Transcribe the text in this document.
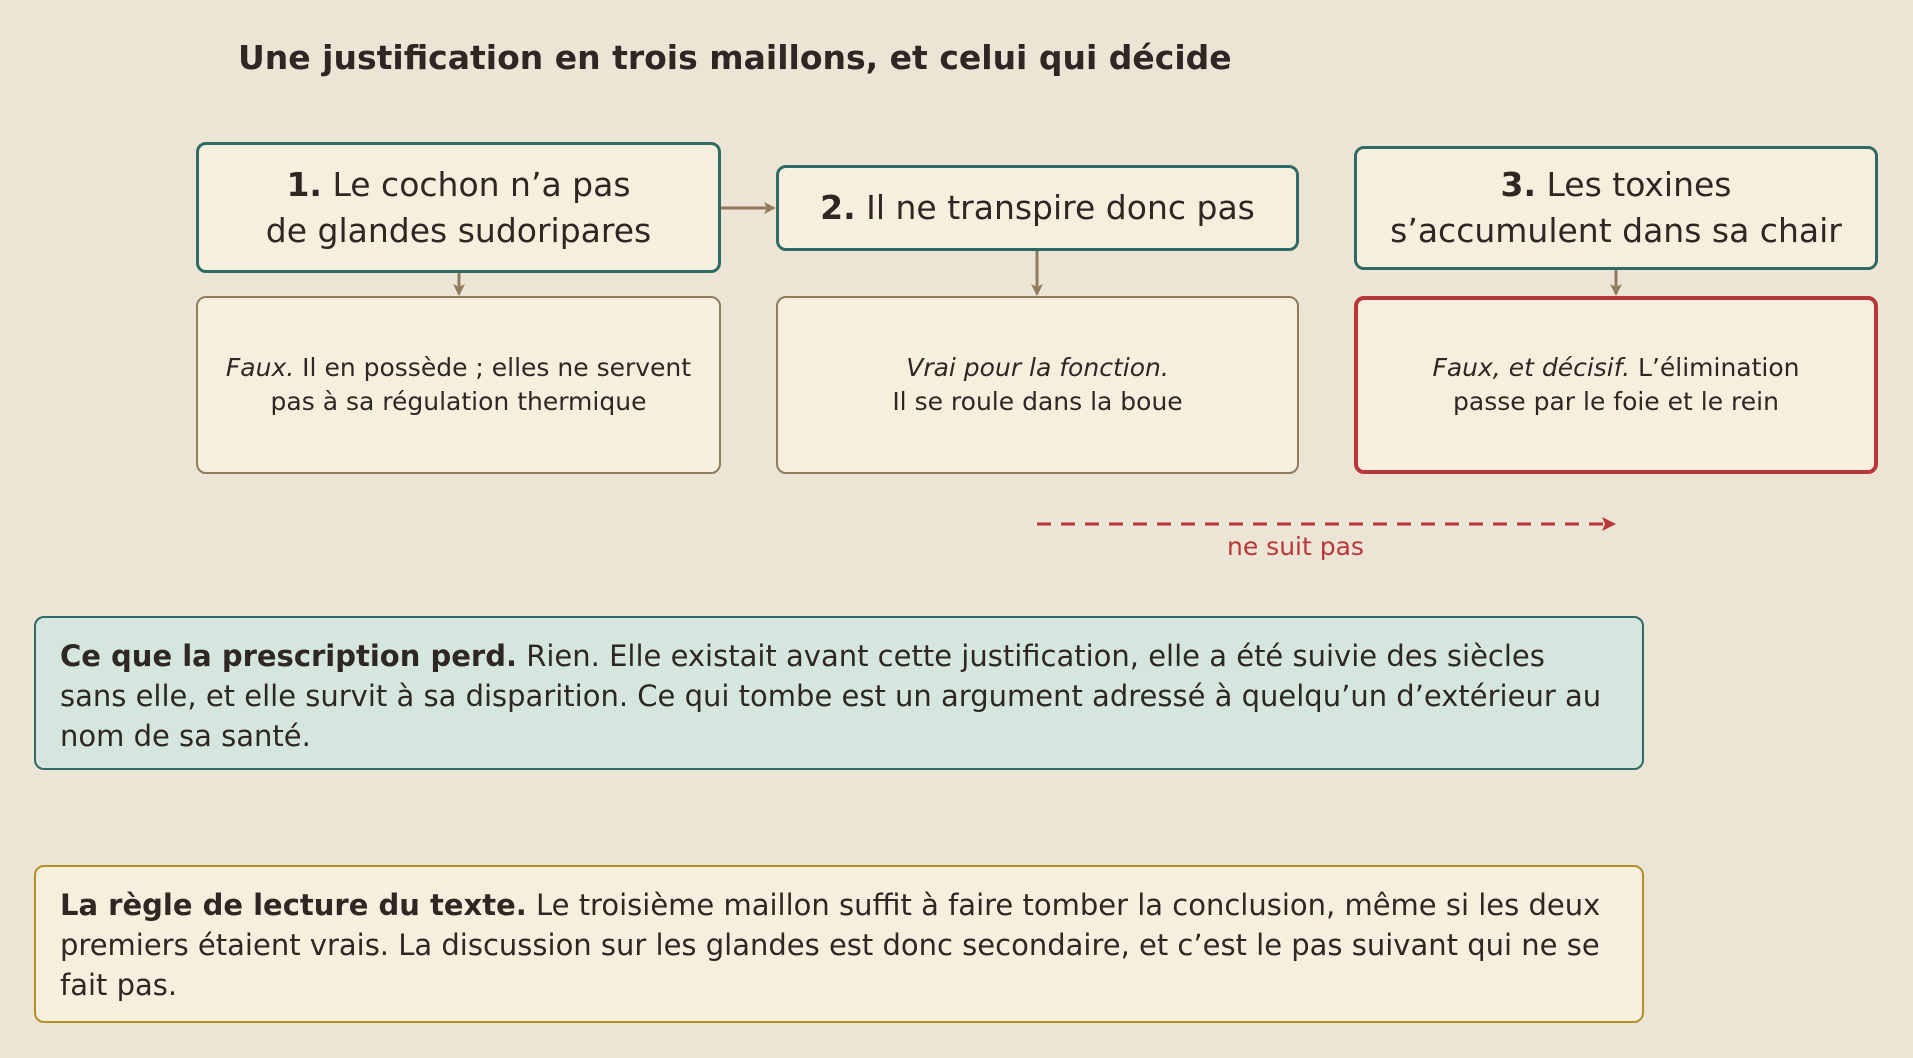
Une justification en trois maillons, et celui qui décide
1. Le cochon n’a pas
de glandes sudoripares
2. Il ne transpire donc pas
3. Les toxines
s’accumulent dans sa chair
Faux. Il en possède ; elles ne servent
pas à sa régulation thermique
Vrai pour la fonction.
Il se roule dans la boue
Faux, et décisif. L’élimination
passe par le foie et le rein
ne suit pas
Ce que la prescription perd. Rien. Elle existait avant cette justification, elle a été suivie des siècles sans elle, et elle survit à sa disparition. Ce qui tombe est un argument adressé à quelqu’un d’extérieur au nom de sa santé.
La règle de lecture du texte. Le troisième maillon suffit à faire tomber la conclusion, même si les deux premiers étaient vrais. La discussion sur les glandes est donc secondaire, et c’est le pas suivant qui ne se fait pas.
